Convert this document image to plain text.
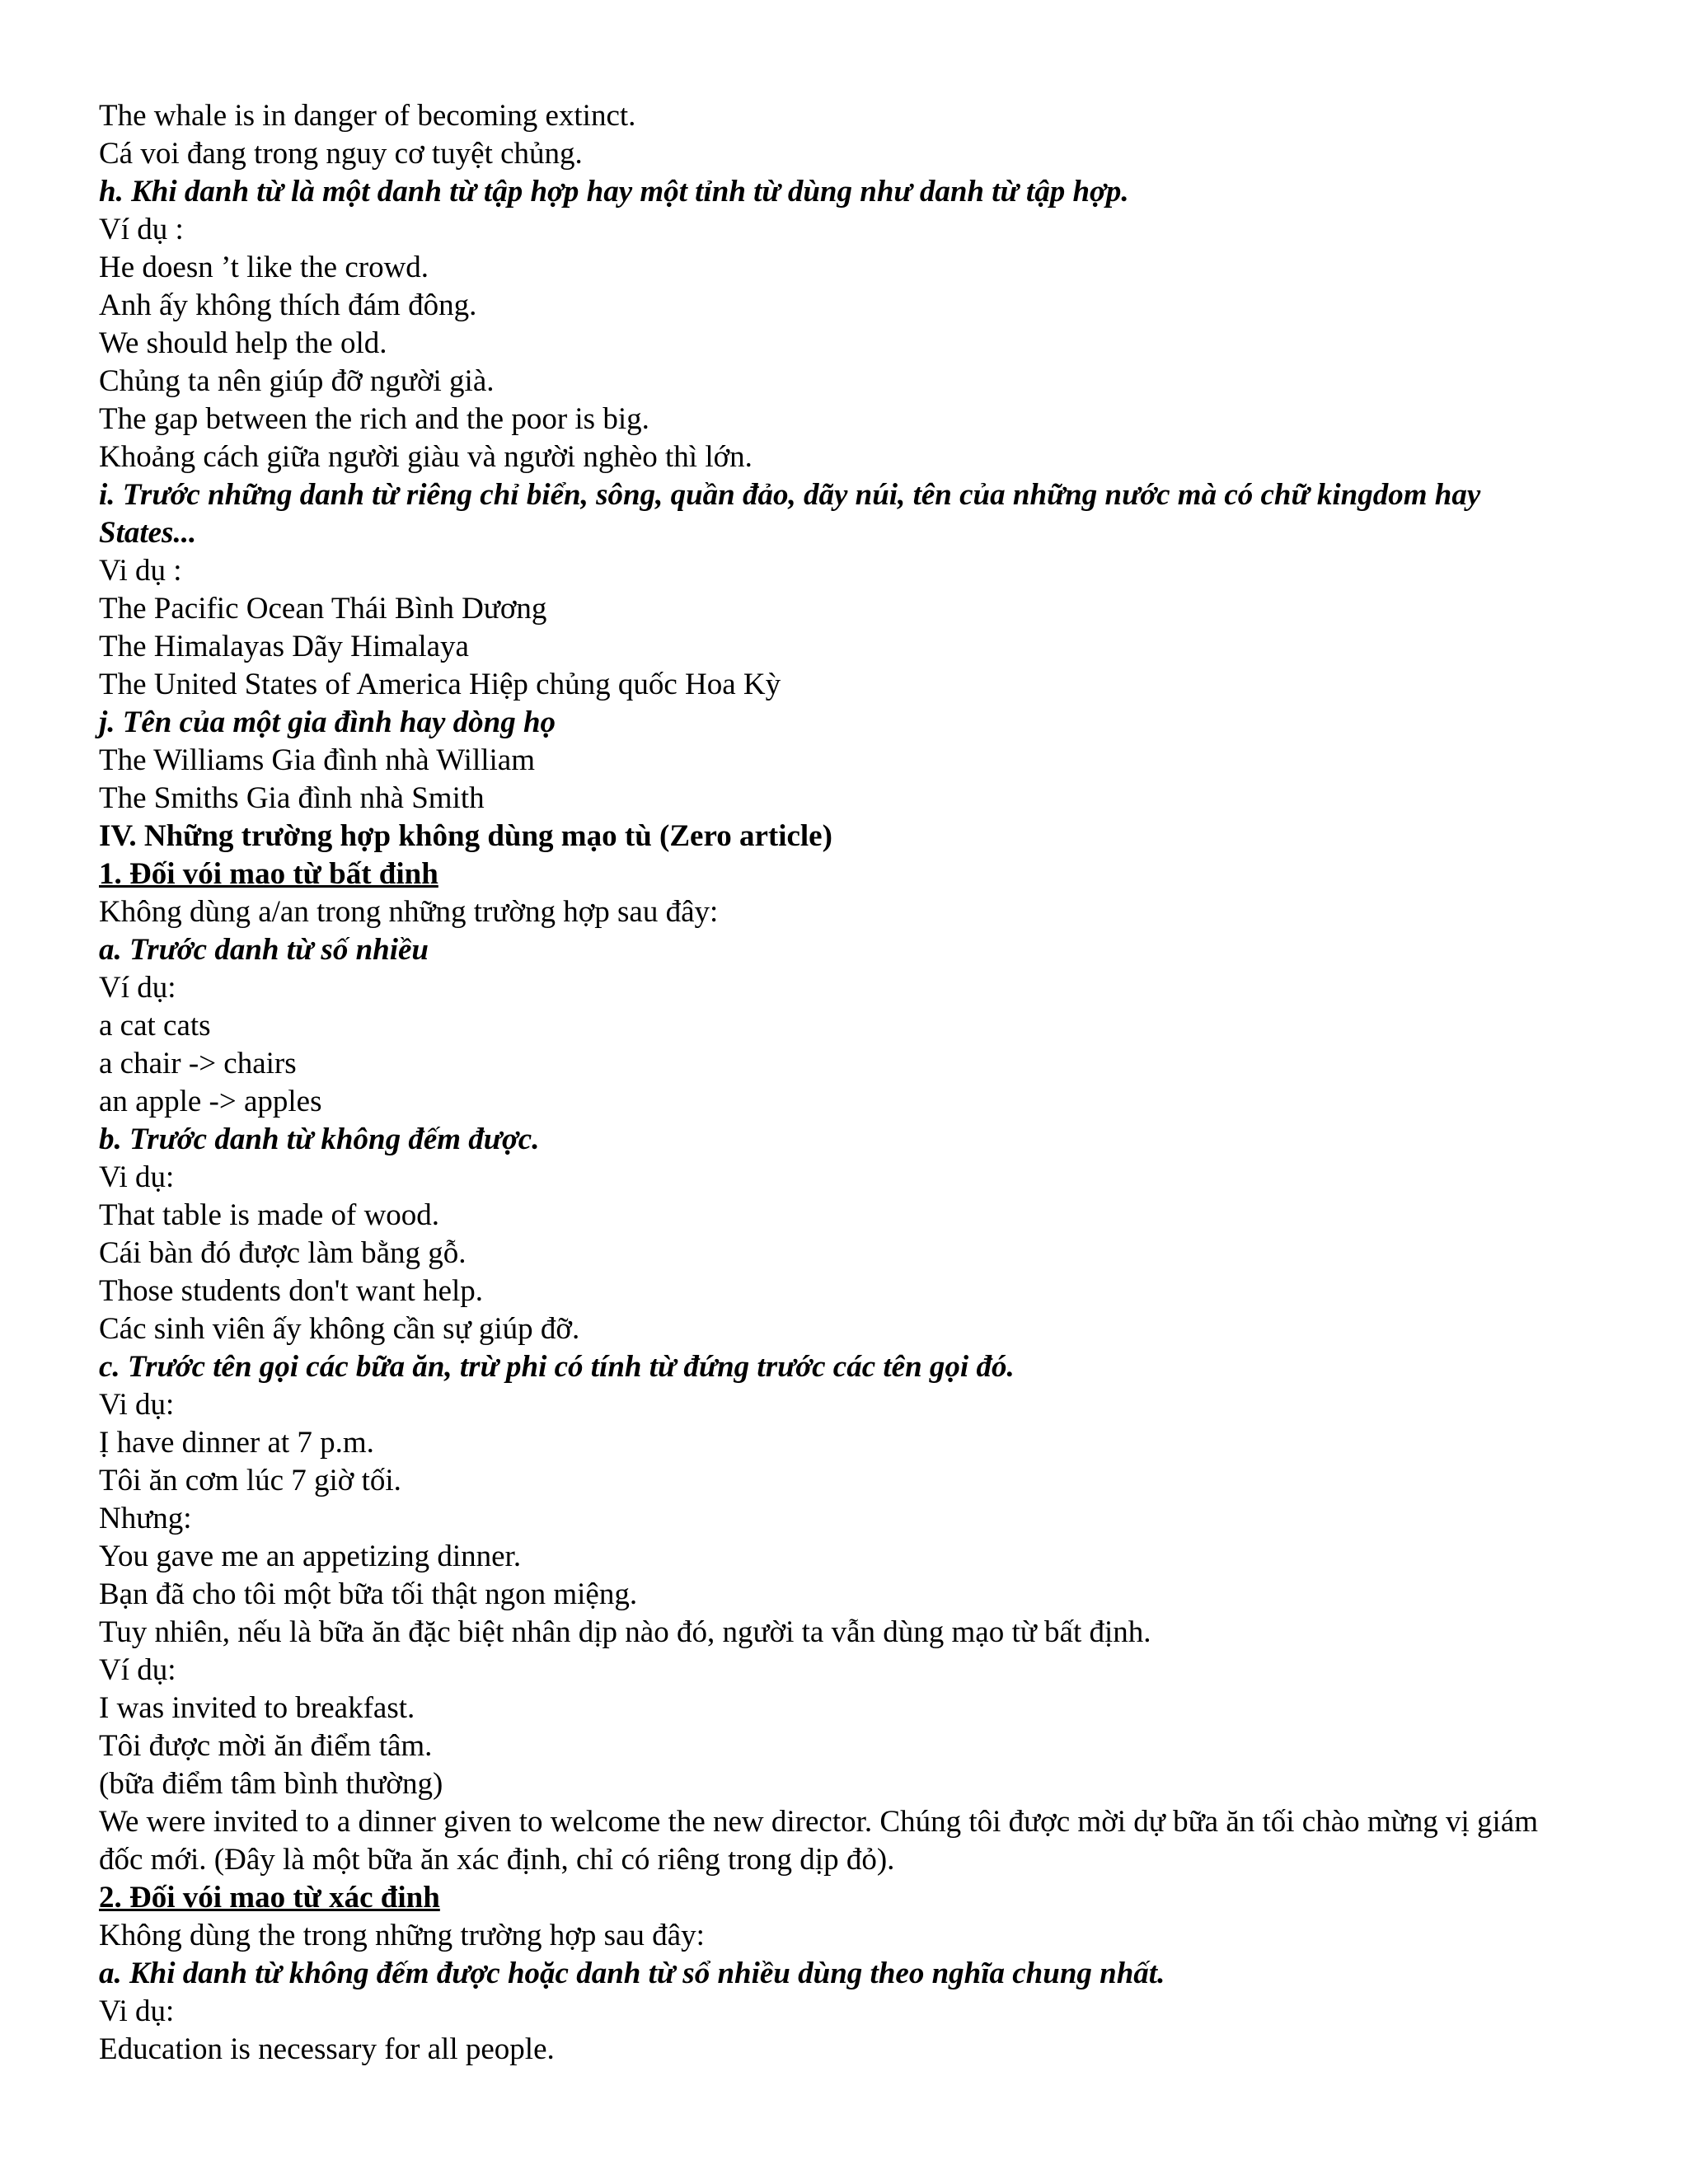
The whale is in danger of becoming extinct.

Cá voi đang trong nguy cơ tuyệt chủng.

h. Khi danh từ là một danh từ tập hợp hay một tỉnh từ dùng như danh từ tập hợp.

Ví dụ :

He doesn ’t like the crowd.

Anh ấy không thích đám đông.

We should help the old.

Chủng ta nên giúp đỡ người già.

The gap between the rich and the poor is big.

Khoảng cách giữa người giàu và người nghèo thì lớn.

i. Trước những danh từ riêng chỉ biển, sông, quần đảo, dãy núi, tên của những nước mà có chữ kingdom hay States...

Vi dụ :

The Pacific Ocean Thái Bình Dương

The Himalayas Dãy Himalaya

The United States of America Hiệp chủng quốc Hoa Kỳ

j. Tên của một gia đình hay dòng họ

The Williams Gia đình nhà William

The Smiths Gia đình nhà Smith

IV. Những trường hợp không dùng mạo tù (Zero article)

1. Đối vói mao từ bất đinh

Không dùng a/an trong những trường hợp sau đây:

a. Trước danh từ số nhiều

Ví dụ:

a cat cats

a chair -> chairs

an apple -> apples

b. Trước danh từ không đếm được.

Vi dụ:

That table is made of wood.

Cái bàn đó được làm bằng gỗ.

Those students don't want help.

Các sinh viên ấy không cần sự giúp đỡ.

c. Trước tên gọi các bữa ăn, trừ phi có tính từ đứng trước các tên gọi đó.

Vi dụ:

Ị have dinner at 7 p.m.

Tôi ăn cơm lúc 7 giờ tối.

Nhưng:

You gave me an appetizing dinner.

Bạn đã cho tôi một bữa tối thật ngon miệng.

Tuy nhiên, nếu là bữa ăn đặc biệt nhân dịp nào đó, người ta vẫn dùng mạo từ bất định.

Ví dụ:

I was invited to breakfast.

Tôi được mời ăn điểm tâm.

(bữa điểm tâm bình thường)

We were invited to a dinner given to welcome the new director. Chúng tôi được mời dự bữa ăn tối chào mừng vị giám đốc mới. (Đây là một bữa ăn xác định, chỉ có riêng trong dịp đỏ).

2. Đối vói mao từ xác đinh

Không dùng the trong những trường hợp sau đây:

a. Khi danh từ không đếm được hoặc danh từ sổ nhiều dùng theo nghĩa chung nhất.

Vi dụ:

Education is necessary for all people.
